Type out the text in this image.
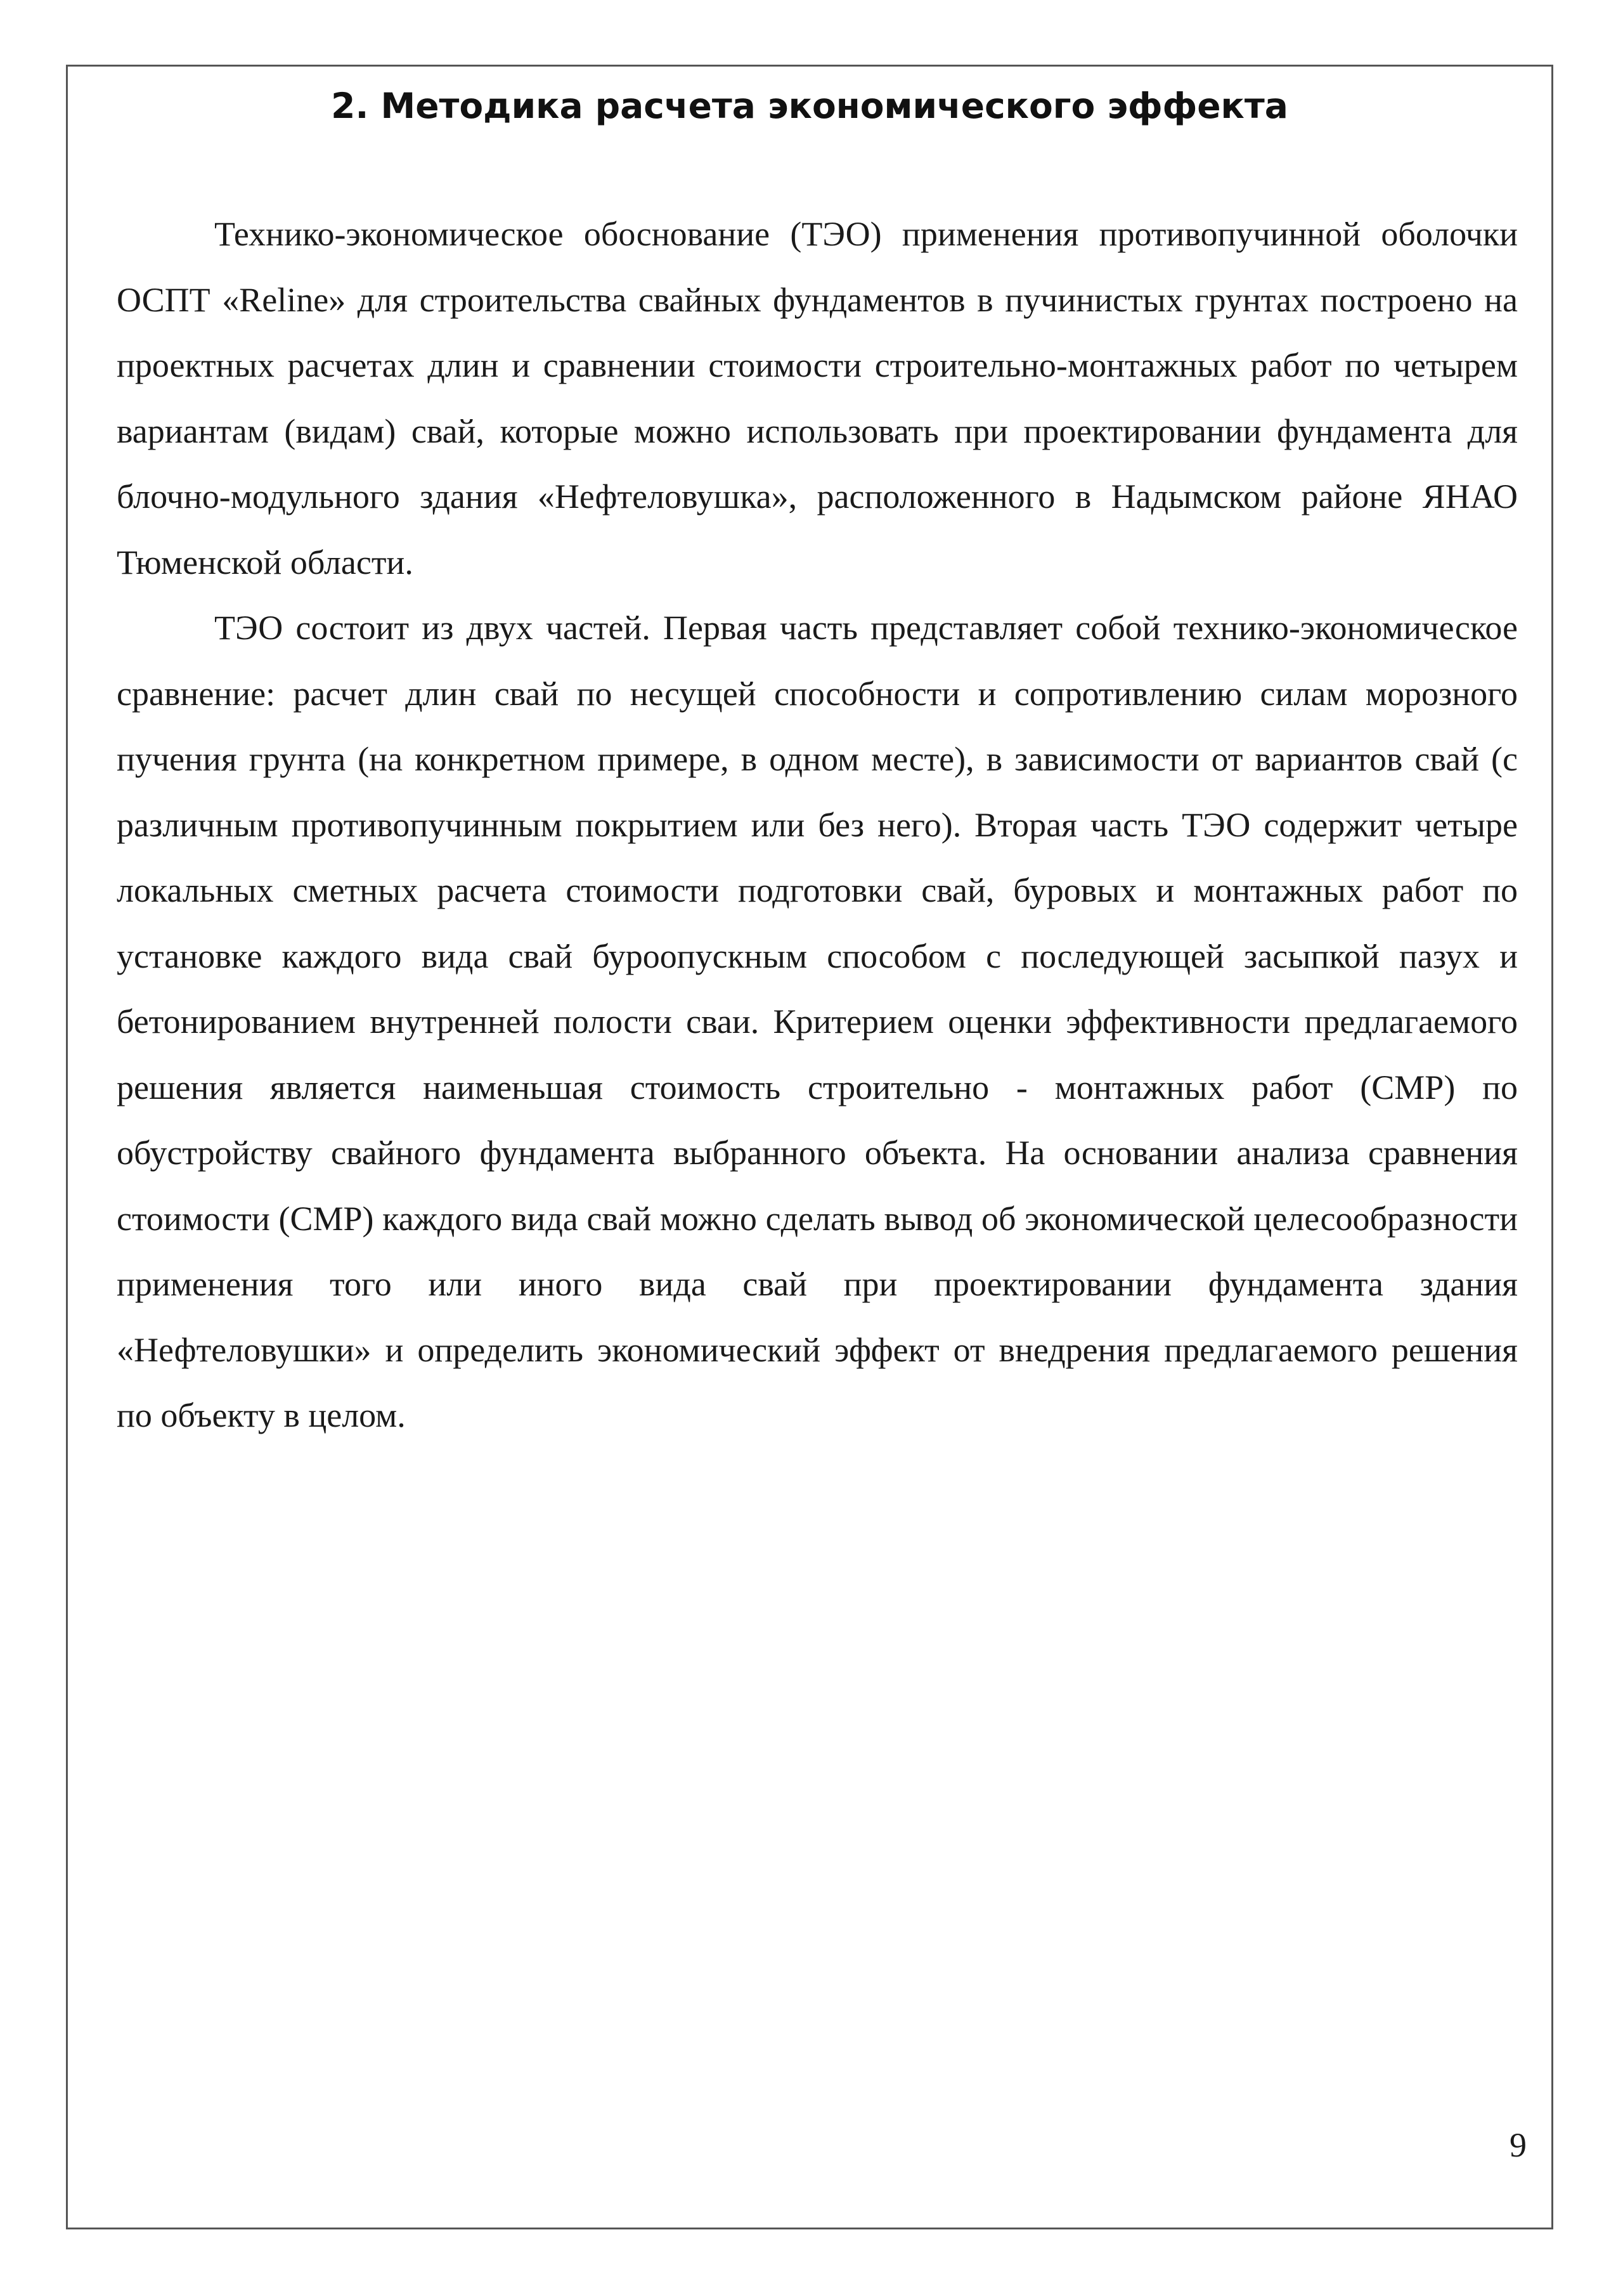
2. Методика расчета экономического эффекта

Технико-экономическое обоснование (ТЭО) применения противопучинной оболочки ОСПТ «Reline» для строительства свайных фундаментов в пучинистых грунтах построено на проектных расчетах длин и сравнении стоимости строительно-монтажных работ по четырем вариантам (видам) свай, которые можно использовать при проектировании фундамента для блочно-модульного здания «Нефтеловушка», расположенного в Надымском районе ЯНАО Тюменской области.

ТЭО состоит из двух частей. Первая часть представляет собой технико-экономическое сравнение: расчет длин свай по несущей способности и сопротивлению силам морозного пучения грунта (на конкретном примере, в одном месте), в зависимости от вариантов свай (с различным противопучинным покрытием или без него). Вторая часть ТЭО содержит четыре локальных сметных расчета стоимости подготовки свай, буровых и монтажных работ по установке каждого вида свай буроопускным способом с последующей засыпкой пазух и бетонированием внутренней полости сваи. Критерием оценки эффективности предлагаемого решения является наименьшая стоимость строительно - монтажных работ (СМР) по обустройству свайного фундамента выбранного объекта. На основании анализа сравнения стоимости (СМР) каждого вида свай можно сделать вывод об экономической целесообразности применения того или иного вида свай при проектировании фундамента здания «Нефтеловушки» и определить экономический эффект от внедрения предлагаемого решения по объекту в целом.

9
